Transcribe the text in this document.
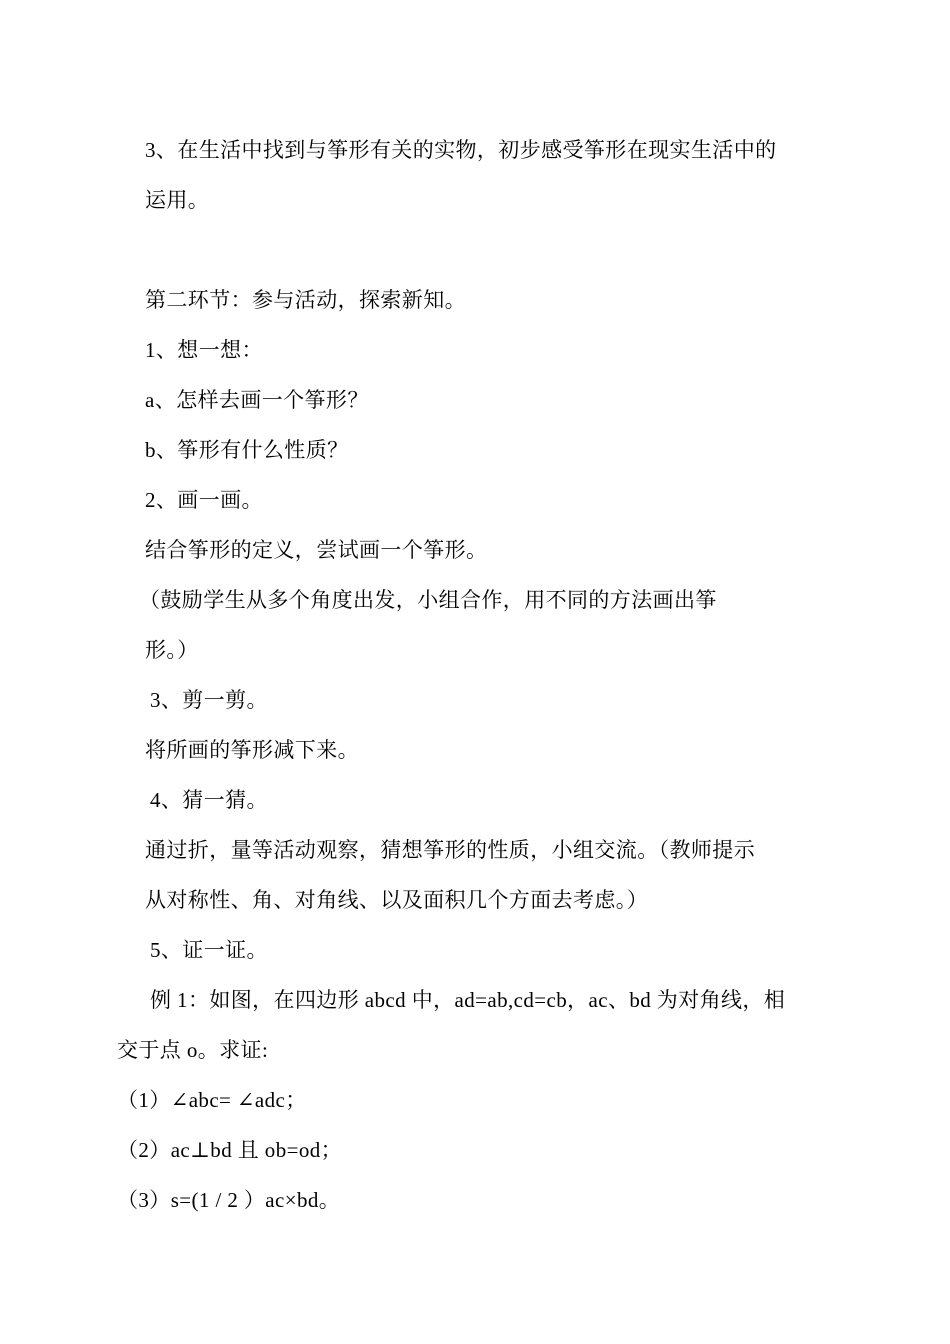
3、在生活中找到与筝形有关的实物，初步感受筝形在现实生活中的
运用。
第二环节：参与活动，探索新知。
1、想一想：
a、怎样去画一个筝形？
b、筝形有什么性质？
2、画一画。
结合筝形的定义，尝试画一个筝形。
（鼓励学生从多个角度出发，小组合作，用不同的方法画出筝
形。）
3、剪一剪。
将所画的筝形减下来。
4、猜一猜。
通过折，量等活动观察，猜想筝形的性质，小组交流。（教师提示
从对称性、角、对角线、以及面积几个方面去考虑。）
5、证一证。
例 1：如图，在四边形 abcd 中，ad=ab,cd=cb，ac、bd 为对角线，相
交于点 o。求证:
（1）∠abc= ∠adc；
（2）ac⊥bd 且 ob=od；
（3）s=(1 / 2 ）ac×bd。
